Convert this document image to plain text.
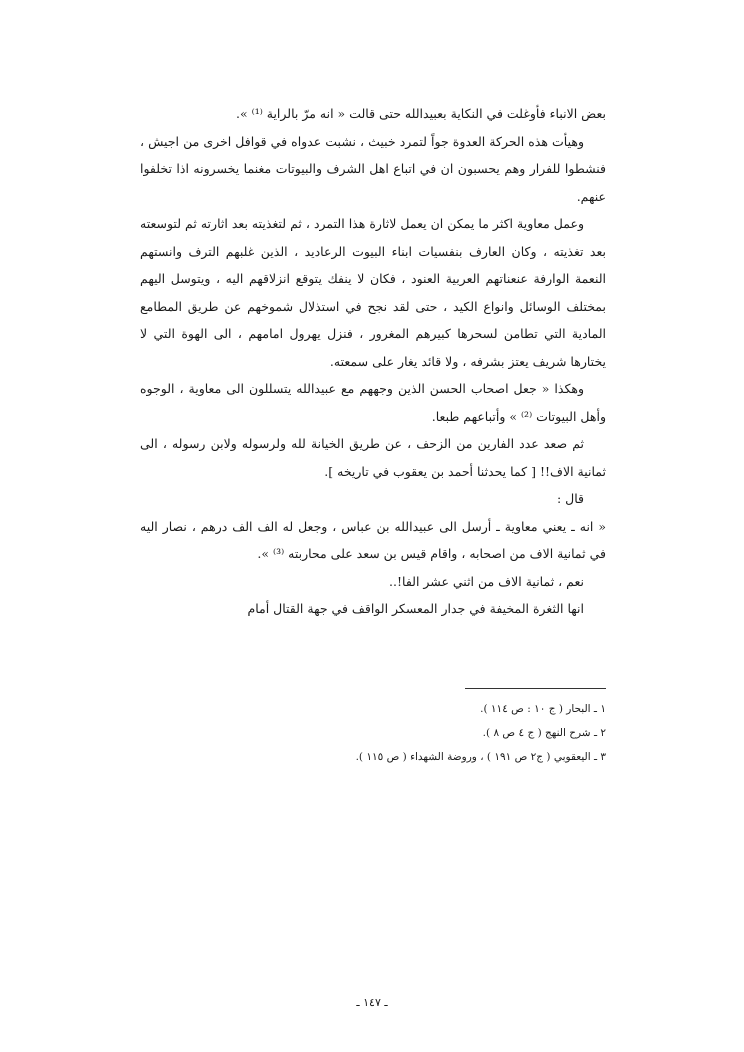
بعض الانباء فأوغلت في النكاية بعبيدالله حتى قالت « انه مرّ بالراية ⁽¹⁾ ».

وهيأت هذه الحركة العدوة جواً لتمرد خبيث ، نشبت عدواه في قوافل اخرى من اجيش ، فنشطوا للفرار وهم يحسبون ان في اتباع اهل الشرف والبيوتات مغنما يخسرونه اذا تخلفوا عنهم.

وعمل معاوية اكثر ما يمكن ان يعمل لاثارة هذا التمرد ، ثم لتغذيته بعد اثارته ثم لتوسعته بعد تغذيته ، وكان العارف بنفسيات ابناء البيوت الرعاديد ، الذين غلبهم الترف وانستهم النعمة الوارفة عنعناتهم العربية العنود ، فكان لا ينفك يتوقع انزلاقهم اليه ، ويتوسل اليهم بمختلف الوسائل وانواع الكيد ، حتى لقد نجح في استذلال شموخهم عن طريق المطامع المادية التي تطامن لسحرها كبيرهم المغرور ، فنزل يهرول امامهم ، الى الهوة التي لا يختارها شريف يعتز بشرفه ، ولا قائد يغار على سمعته.

وهكذا « جعل اصحاب الحسن الذين وجههم مع عبيدالله يتسللون الى معاوية ، الوجوه وأهل البيوتات ⁽²⁾ » وأتباعهم طبعا.

ثم صعد عدد الفارين من الزحف ، عن طريق الخيانة لله ولرسوله ولابن رسوله ، الى ثمانية الاف!! [ كما يحدثنا أحمد بن يعقوب في تاريخه ].

قال :

« انه ـ يعني معاوية ـ أرسل الى عبيدالله بن عباس ، وجعل له الف الف درهم ، نصار اليه في ثمانية الاف من اصحابه ، واقام قيس بن سعد على محاربته ⁽³⁾ ».

نعم ، ثمانية الاف من اثني عشر الفا!..

انها الثغرة المخيفة في جدار المعسكر الواقف في جهة القتال أمام

١ ـ البحار ( ج ١٠ : ص ١١٤ ).

٢ ـ شرح النهج ( ج ٤ ص ٨ ).

٣ ـ اليعقوبي ( ج٢ ص ١٩١ ) ، وروضة الشهداء ( ص ١١٥ ).

ـ ١٤٧ ـ
